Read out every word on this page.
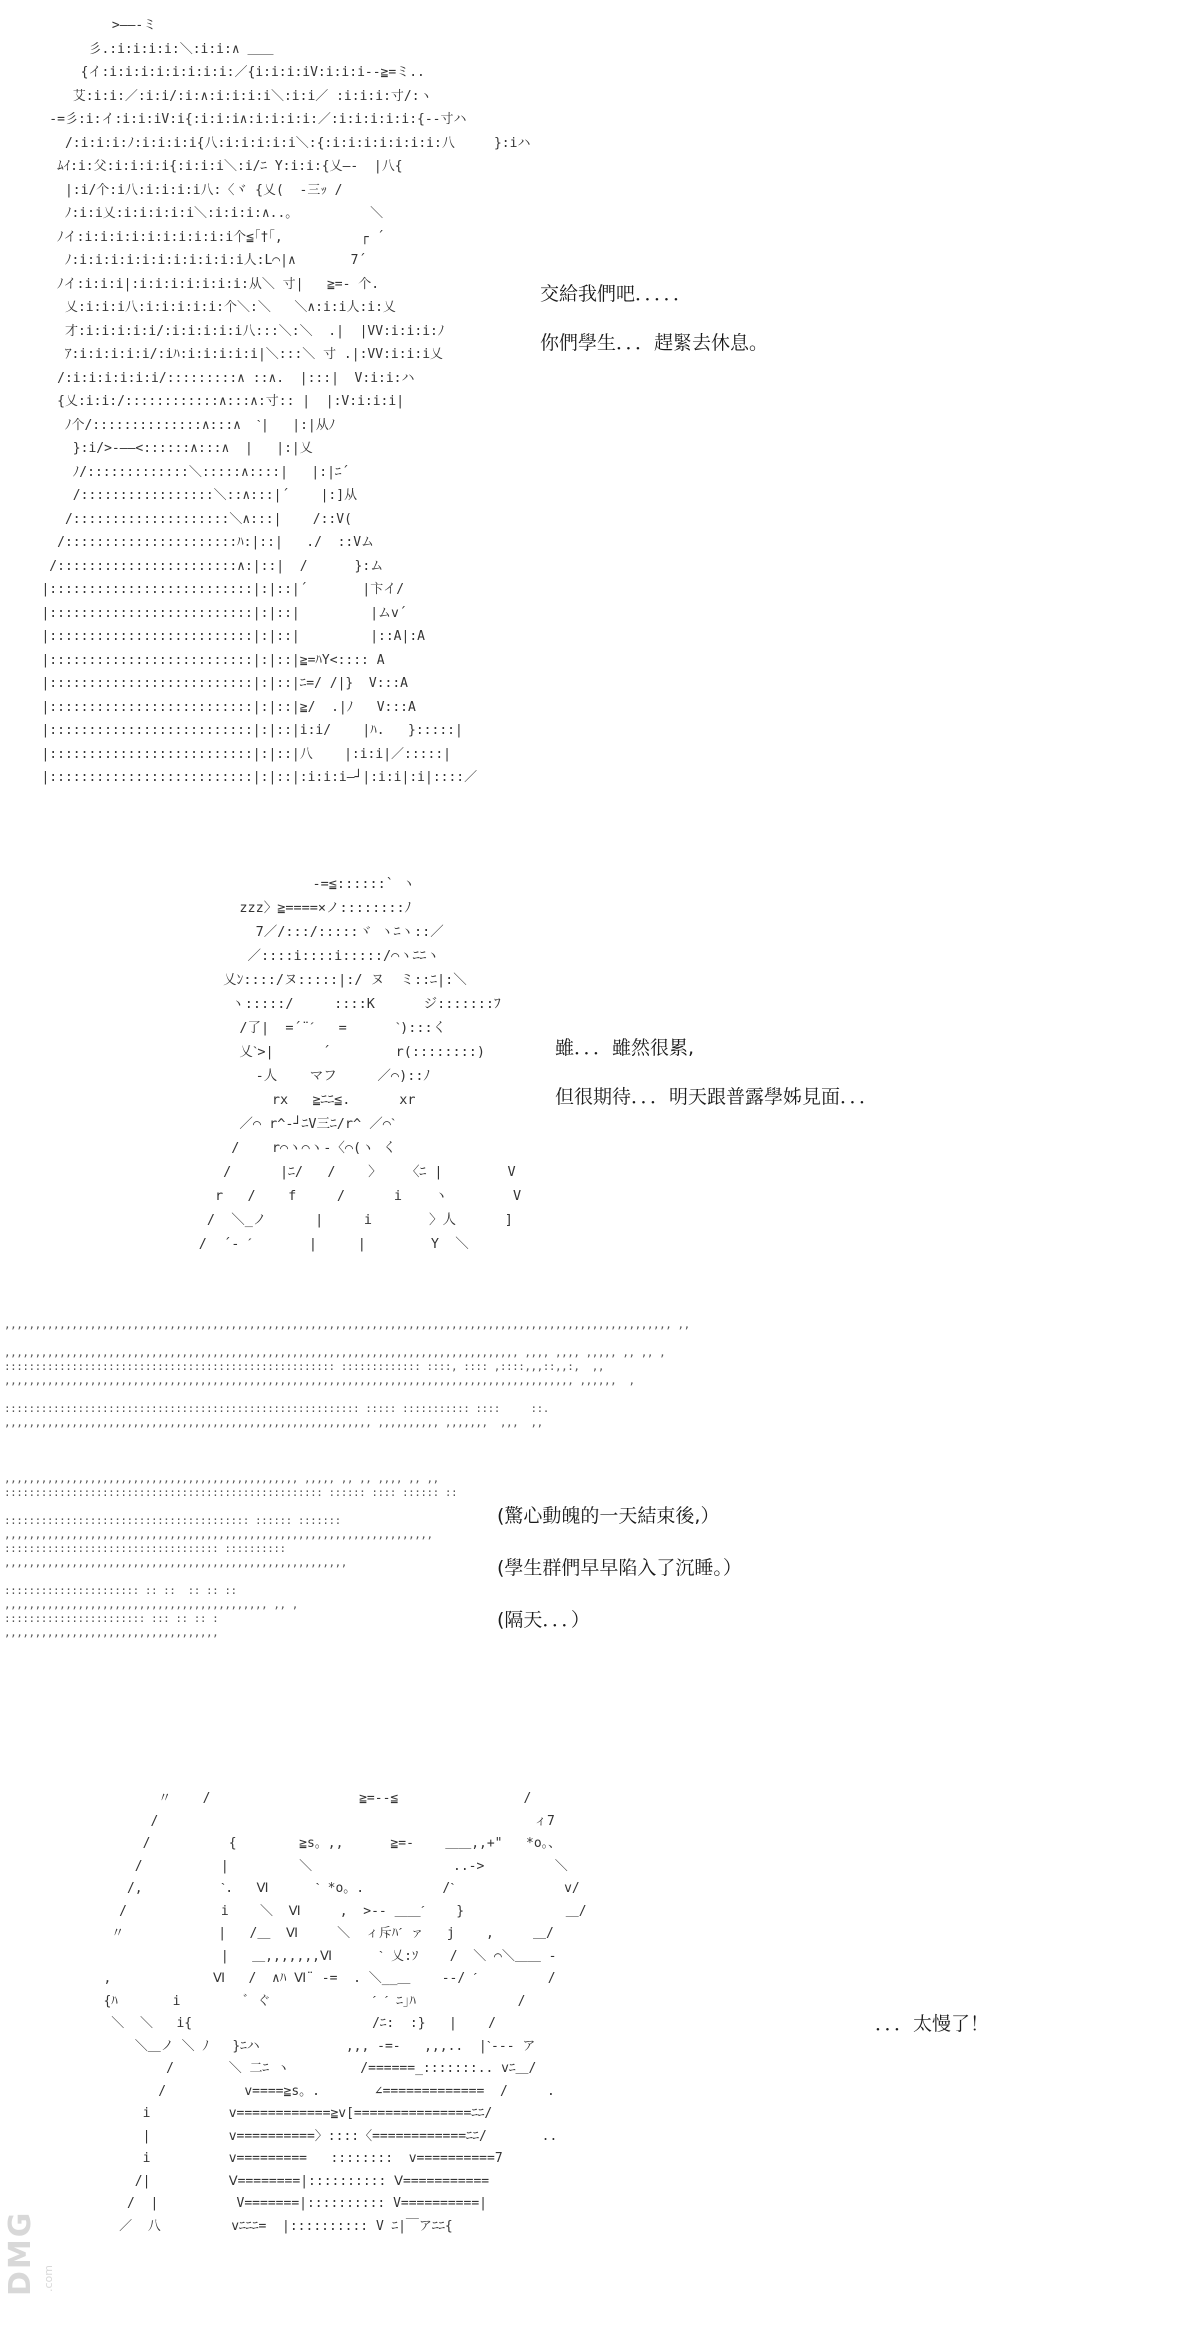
>――‐ミ
彡.:i:i:i:i:＼:i:i:∧ ＿＿
{イ:i:i:i:i:i:i:i:i:／{i:i:i:iV:i:i:i‐‐≧=ミ..
艾:i:i:／:i:i/:i:∧:i:i:i:i＼:i:i／ :i:i:i:寸/:ヽ
‐=彡:i:イ:i:i:iV:i{:i:i:i∧:i:i:i:i:／:i:i:i:i:i:{‐‐寸ハ
/:i:i:i:ﾉ:i:i:i:i{八:i:i:i:i:i＼:{:i:i:i:i:i:i:i:八     }:iハ
ﾑｲ:i:父:i:i:i:i{:i:i:i＼:i/ﾆ Y:i:i:{乂―‐  |八{
|:i/个:i八:i:i:i:i八:〈ヾ {乂(  ‐三ｯ /
ﾉ:i:i乂:i:i:i:i:i＼:i:i:i:∧..｡          ＼
ﾉイ:i:i:i:i:i:i:i:i:i:i个≦｢†｢,          ┌ ´
ﾉ:i:i:i:i:i:i:i:i:i:i:i人:L⌒|∧       7´
ﾉイ:i:i:i|:i:i:i:i:i:i:i:从＼ 寸|   ≧=‐ 个.
乂:i:i:i八:i:i:i:i:i:个＼:＼   ＼∧:i:i人:i:乂
才:i:i:i:i:i/:i:i:i:i:i八:::＼:＼  .|  |VV:i:i:i:ﾉ
ｱ:i:i:i:i:i/:iﾊ:i:i:i:i:i|＼:::＼ 寸 .|:VV:i:i:i乂
/:i:i:i:i:i:i/:::::::::∧ ::∧.  |:::|  V:i:i:ハ
{乂:i:i:/::::::::::::∧:::∧:寸:: |  |:V:i:i:i|
ﾉ个/::::::::::::::∧:::∧  ˋ|   |:|从ﾉ
}:i/>‐――<::::::∧:::∧  |   |:|乂
ﾉ/:::::::::::::＼:::::∧::::|   |:|ﾆ´
/:::::::::::::::::＼::∧:::|´    |:]从
/::::::::::::::::::::＼∧:::|    /::V(
/::::::::::::::::::::::ﾊ:|::|   ./  ::Vム
/:::::::::::::::::::::::∧:|::|  /      }:ム
|::::::::::::::::::::::::::|:|::|´       |卞イ/
|::::::::::::::::::::::::::|:|::|         |ムv´
|::::::::::::::::::::::::::|:|::|         |::A|:A
|::::::::::::::::::::::::::|:|::|≧=ﾊY<:::: A
|::::::::::::::::::::::::::|:|::|ﾆ=/ /|}  V:::A
|::::::::::::::::::::::::::|:|::|≧/  .|ﾉ   V:::A
|::::::::::::::::::::::::::|:|::|i:i/    |ﾊ.   }:::::|
|::::::::::::::::::::::::::|:|::|八    |:i:i|／:::::|
|::::::::::::::::::::::::::|:|::|:i:i:i―┘|:i:i|:i|::::／
交給我們吧．．．．．
你們學生．．．趕緊去休息。
‐=≦::::::` ヽ
zzz〉≧====×ノ::::::::ﾉ
7／/:::/:::::ヾ ヽﾆヽ::／
／::::i::::i:::::/⌒ヽﾆﾆヽ
乂ﾝ::::/ヌ:::::|:/ ヌ  ミ::ﾆ|:＼
ヽ:::::/     ::::K      ジ:::::::ﾌ
/了|  =´¨ˊ   =      ˋ):::く
乂ˋ>|      ´        r(::::::::)
‐人    マフ     ／⌒)::ﾉ
rx   ≧ﾆﾆ≦.      xr
／⌒ r^‐┘ﾆV三ﾆ/r^ ／⌒ˋ
/    r⌒ヽ⌒ヽ-〈⌒(ヽ く
/      |ﾆ/   /    〉   〈ﾆ |        V
r   /    f     /      i    ヽ        V
/  ＼_ノ      |     i       〉人      ]
/  ´‐ ˊ       |     |        Y  ＼
雖．．．雖然很累,
但很期待．．．明天跟普露學姊見面．．．
,,,,,,,,,,,,,,,,,,,,,,,,,,,,,,,,,,,,,,,,,,,,,,,,,,,,,,,,,,,,,,,,,,,,,,,,,,,,,,,,,,,,,,,,,,,,,,,,,,,,,,,,,,,,, ,,

,,,,,,,,,,,,,,,,,,,,,,,,,,,,,,,,,,,,,,,,,,,,,,,,,,,,,,,,,,,,,,,,,,,,,,,,,,,,,,,,,,,, ,,,, ,,,, ,,,,, ,, ,, ,
:::::::::::::::::::::::::::::::::::::::::::::::::::::: ::::::::::::: ::::, :::: ,::::,,,::,,:,  ,,
,,,,,,,,,,,,,,,,,,,,,,,,,,,,,,,,,,,,,,,,,,,,,,,,,,,,,,,,,,,,,,,,,,,,,,,,,,,,,,,,,,,,,,,,,,,,, ,,,,,,  ,

:::::::::::::::::::::::::::::::::::::::::::::::::::::::::: ::::: ::::::::::: ::::     ::.
,,,,,,,,,,,,,,,,,,,,,,,,,,,,,,,,,,,,,,,,,,,,,,,,,,,,,,,,,,,, ,,,,,,,,,, ,,,,,,,  ,,,  ,,

,,,,,,,,,,,,,,,,,,,,,,,,,,,,,,,,,,,,,,,,,,,,,,,, ,,,,, ,, ,, ,,,, ,, ,,
:::::::::::::::::::::::::::::::::::::::::::::::::::: :::::: :::: :::::: ::

:::::::::::::::::::::::::::::::::::::::: :::::: :::::::
,,,,,,,,,,,,,,,,,,,,,,,,,,,,,,,,,,,,,,,,,,,,,,,,,,,,,,,,,,,,,,,,,,,,,,
::::::::::::::::::::::::::::::::::: ::::::::::
,,,,,,,,,,,,,,,,,,,,,,,,,,,,,,,,,,,,,,,,,,,,,,,,,,,,,,,,

:::::::::::::::::::::: :: ::  :: :: ::
,,,,,,,,,,,,,,,,,,,,,,,,,,,,,,,,,,,,,,,,,,, ,, ,
::::::::::::::::::::::: ::: :: :: :
,,,,,,,,,,,,,,,,,,,,,,,,,,,,,,,,,,,
(驚心動魄的一天結束後,）
(學生群們早早陷入了沉睡。）
(隔天．．．）
〃    /                   ≧=‐‐≦                /
/                                                ィ7
/          {        ≧s。,,      ≧=‐    ＿＿,,+"   *o。、
/          |         ＼                  ..‐>         ＼
/,          ˋ.   Ⅵ      ˋ *o。.          /ˋ              v/
/            i    ＼  Ⅵ     ,  >‐‐ ＿＿ˊ    }             ＿/
〃            |   /＿  Ⅵ     ＼  ィ斥ﾊˊ ァ   j    ,     ＿/
|   ＿,,,,,,,Ⅵ      ˋ 乂:ｿ    /  ＼ ⌒＼＿＿ ‐
,             Ⅵ   /  ∧ﾊ Ⅵ¨ -=  . ＼__＿    ‐‐/ ˊ         /
{ﾊ       i        ﾞ ぐ             ˊ ˊ ﾆ｣ﾊ             /
＼  ＼   i{                       /ﾆ:  :}   |    /
＼＿ノ ＼ ﾉ   }ﾆハ           ,,, ‐=-   ,,,..  |ˋ‐‐‐ ア
/       ＼ 二ﾆ ヽ         /======_:::::::.. vﾆ＿/
/          v====≧s。.       ∠=============  /     .
i          v============≧v[===============ﾆﾆ/
|          v==========〉::::〈============ﾆﾆ/       ..
i          v=========   ::::::::  v==========7
/|          Ⅴ========|:::::::::: Ⅴ===========
/  |          V=======|:::::::::: V==========|
／  八         vﾆﾆﾆ=  |:::::::::: V ﾆ|￣アﾆﾆ{
．．．太慢了！
DMG .com
